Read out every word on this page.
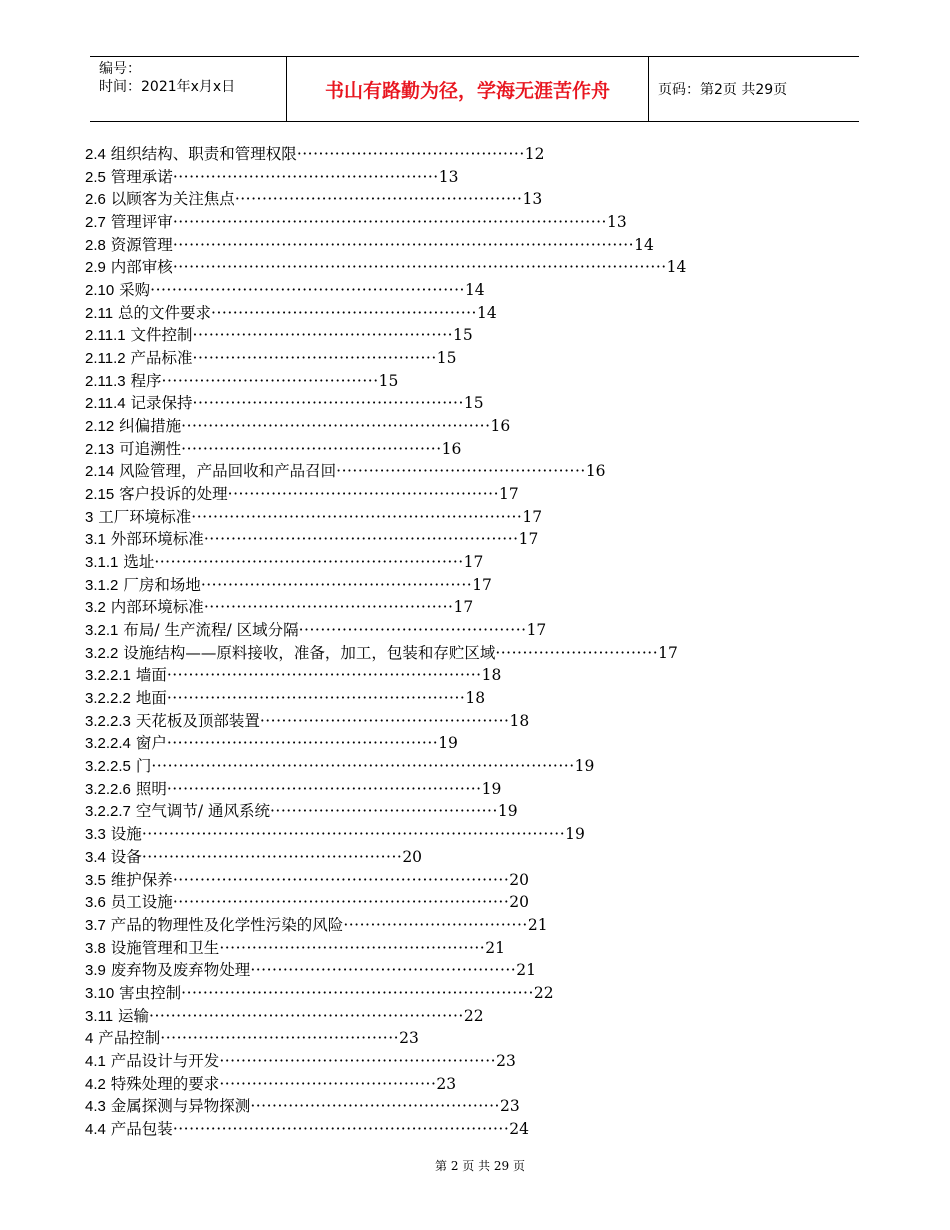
编号：
时间：2021年x月x日	书山有路勤为径，学海无涯苦作舟	页码：第2页 共29页
2.4 组织结构、职责和管理权限··········································12
2.5 管理承诺·················································13
2.6 以顾客为关注焦点·····················································13
2.7 管理评审················································································13
2.8 资源管理·····················································································14
2.9 内部审核···························································································14
2.10 采购··························································14
2.11 总的文件要求·················································14
2.11.1 文件控制················································15
2.11.2 产品标准·············································15
2.11.3 程序········································15
2.11.4 记录保持··················································15
2.12 纠偏措施·························································16
2.13 可追溯性················································16
2.14 风险管理，产品回收和产品召回··············································16
2.15 客户投诉的处理··················································17
3 工厂环境标准·····························································17
3.1 外部环境标准··························································17
3.1.1 选址·························································17
3.1.2 厂房和场地··················································17
3.2 内部环境标准··············································17
3.2.1 布局/ 生产流程/ 区域分隔··········································17
3.2.2 设施结构——原料接收，准备，加工，包装和存贮区域······························17
3.2.2.1 墙面··························································18
3.2.2.2 地面·······················································18
3.2.2.3 天花板及顶部装置··············································18
3.2.2.4 窗户··················································19
3.2.2.5 门··············································································19
3.2.2.6 照明··························································19
3.2.2.7 空气调节/ 通风系统··········································19
3.3 设施··············································································19
3.4 设备················································20
3.5 维护保养······························································20
3.6 员工设施······························································20
3.7 产品的物理性及化学性污染的风险··································21
3.8 设施管理和卫生·················································21
3.9 废弃物及废弃物处理·················································21
3.10 害虫控制·································································22
3.11 运输··························································22
4 产品控制············································23
4.1 产品设计与开发···················································23
4.2 特殊处理的要求········································23
4.3 金属探测与异物探测··············································23
4.4 产品包装······························································24
第 2 页 共 29 页
